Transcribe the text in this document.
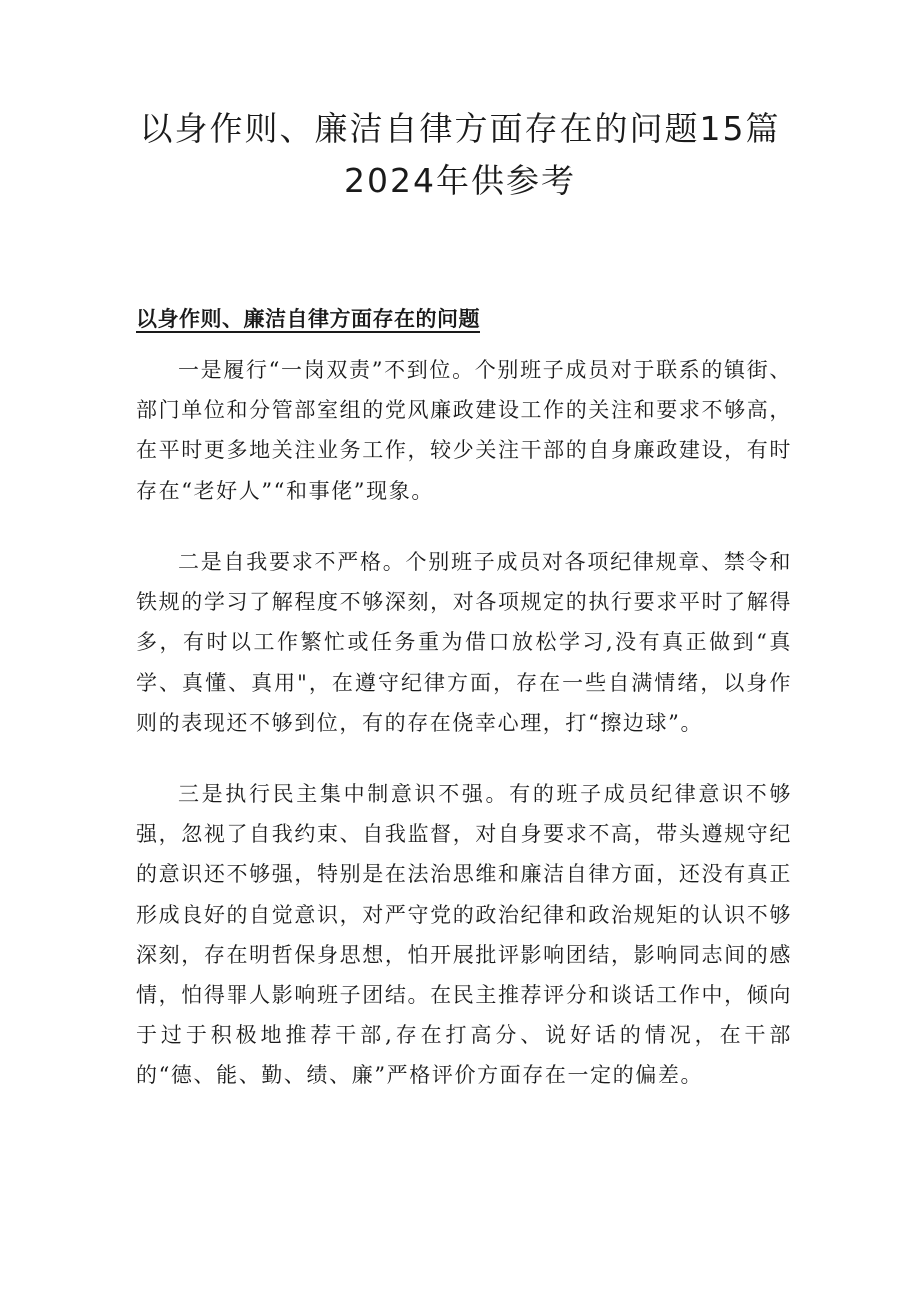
以身作则、廉洁自律方面存在的问题15篇
2024年供参考
以身作则、廉洁自律方面存在的问题

一是履行“一岗双责”不到位。个别班子成员对于联系的镇街、部门单位和分管部室组的党风廉政建设工作的关注和要求不够高，在平时更多地关注业务工作，较少关注干部的自身廉政建设，有时存在“老好人”“和事佬”现象。

二是自我要求不严格。个别班子成员对各项纪律规章、禁令和铁规的学习了解程度不够深刻，对各项规定的执行要求平时了解得多，有时以工作繁忙或任务重为借口放松学习,没有真正做到“真学、真懂、真用"，在遵守纪律方面，存在一些自满情绪，以身作则的表现还不够到位，有的存在侥幸心理，打“擦边球”。

三是执行民主集中制意识不强。有的班子成员纪律意识不够强，忽视了自我约束、自我监督，对自身要求不高，带头遵规守纪的意识还不够强，特别是在法治思维和廉洁自律方面，还没有真正形成良好的自觉意识，对严守党的政治纪律和政治规矩的认识不够深刻，存在明哲保身思想，怕开展批评影响团结，影响同志间的感情，怕得罪人影响班子团结。在民主推荐评分和谈话工作中，倾向于过于积极地推荐干部,存在打高分、说好话的情况，在干部的“德、能、勤、绩、廉”严格评价方面存在一定的偏差。
